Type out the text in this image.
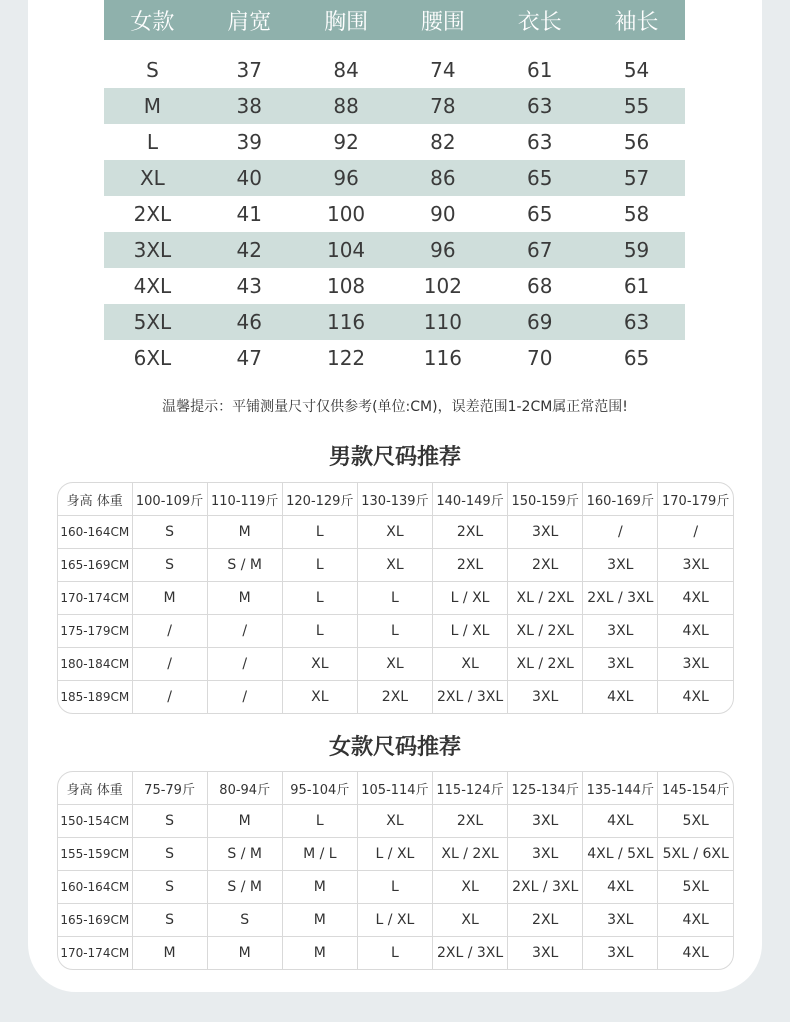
女款	肩宽	胸围	腰围	衣长	袖长
S	37	84	74	61	54
M	38	88	78	63	55
L	39	92	82	63	56
XL	40	96	86	65	57
2XL	41	100	90	65	58
3XL	42	104	96	67	59
4XL	43	108	102	68	61
5XL	46	116	110	69	63
6XL	47	122	116	70	65
温馨提示：平铺测量尺寸仅供参考(单位:CM)，误差范围1-2CM属正常范围!
男款尺码推荐
身高 体重	100-109斤	110-119斤	120-129斤	130-139斤	140-149斤	150-159斤	160-169斤	170-179斤
160-164CM	S	M	L	XL	2XL	3XL	/	/
165-169CM	S	S / M	L	XL	2XL	2XL	3XL	3XL
170-174CM	M	M	L	L	L / XL	XL / 2XL	2XL / 3XL	4XL
175-179CM	/	/	L	L	L / XL	XL / 2XL	3XL	4XL
180-184CM	/	/	XL	XL	XL	XL / 2XL	3XL	3XL
185-189CM	/	/	XL	2XL	2XL / 3XL	3XL	4XL	4XL
女款尺码推荐
身高 体重	75-79斤	80-94斤	95-104斤	105-114斤	115-124斤	125-134斤	135-144斤	145-154斤
150-154CM	S	M	L	XL	2XL	3XL	4XL	5XL
155-159CM	S	S / M	M / L	L / XL	XL / 2XL	3XL	4XL / 5XL	5XL / 6XL
160-164CM	S	S / M	M	L	XL	2XL / 3XL	4XL	5XL
165-169CM	S	S	M	L / XL	XL	2XL	3XL	4XL
170-174CM	M	M	M	L	2XL / 3XL	3XL	3XL	4XL
